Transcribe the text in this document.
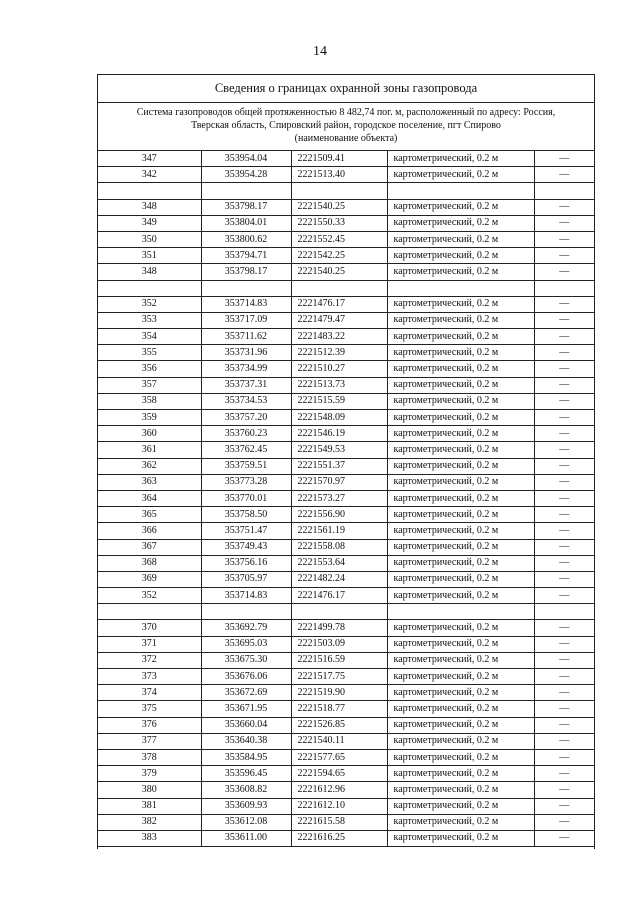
14
Сведения о границах охранной зоны газопровода
Система газопроводов общей протяженностью 8 482,74 пог. м, расположенный по адресу: Россия,
Тверская область, Спировский район, городское поселение, пгт Спирово
(наименование объекта)
347	353954.04	2221509.41	картометрический, 0.2 м	—
342	353954.28	2221513.40	картометрический, 0.2 м	—

348	353798.17	2221540.25	картометрический, 0.2 м	—
349	353804.01	2221550.33	картометрический, 0.2 м	—
350	353800.62	2221552.45	картометрический, 0.2 м	—
351	353794.71	2221542.25	картометрический, 0.2 м	—
348	353798.17	2221540.25	картометрический, 0.2 м	—

352	353714.83	2221476.17	картометрический, 0.2 м	—
353	353717.09	2221479.47	картометрический, 0.2 м	—
354	353711.62	2221483.22	картометрический, 0.2 м	—
355	353731.96	2221512.39	картометрический, 0.2 м	—
356	353734.99	2221510.27	картометрический, 0.2 м	—
357	353737.31	2221513.73	картометрический, 0.2 м	—
358	353734.53	2221515.59	картометрический, 0.2 м	—
359	353757.20	2221548.09	картометрический, 0.2 м	—
360	353760.23	2221546.19	картометрический, 0.2 м	—
361	353762.45	2221549.53	картометрический, 0.2 м	—
362	353759.51	2221551.37	картометрический, 0.2 м	—
363	353773.28	2221570.97	картометрический, 0.2 м	—
364	353770.01	2221573.27	картометрический, 0.2 м	—
365	353758.50	2221556.90	картометрический, 0.2 м	—
366	353751.47	2221561.19	картометрический, 0.2 м	—
367	353749.43	2221558.08	картометрический, 0.2 м	—
368	353756.16	2221553.64	картометрический, 0.2 м	—
369	353705.97	2221482.24	картометрический, 0.2 м	—
352	353714.83	2221476.17	картометрический, 0.2 м	—

370	353692.79	2221499.78	картометрический, 0.2 м	—
371	353695.03	2221503.09	картометрический, 0.2 м	—
372	353675.30	2221516.59	картометрический, 0.2 м	—
373	353676.06	2221517.75	картометрический, 0.2 м	—
374	353672.69	2221519.90	картометрический, 0.2 м	—
375	353671.95	2221518.77	картометрический, 0.2 м	—
376	353660.04	2221526.85	картометрический, 0.2 м	—
377	353640.38	2221540.11	картометрический, 0.2 м	—
378	353584.95	2221577.65	картометрический, 0.2 м	—
379	353596.45	2221594.65	картометрический, 0.2 м	—
380	353608.82	2221612.96	картометрический, 0.2 м	—
381	353609.93	2221612.10	картометрический, 0.2 м	—
382	353612.08	2221615.58	картометрический, 0.2 м	—
383	353611.00	2221616.25	картометрический, 0.2 м	—
